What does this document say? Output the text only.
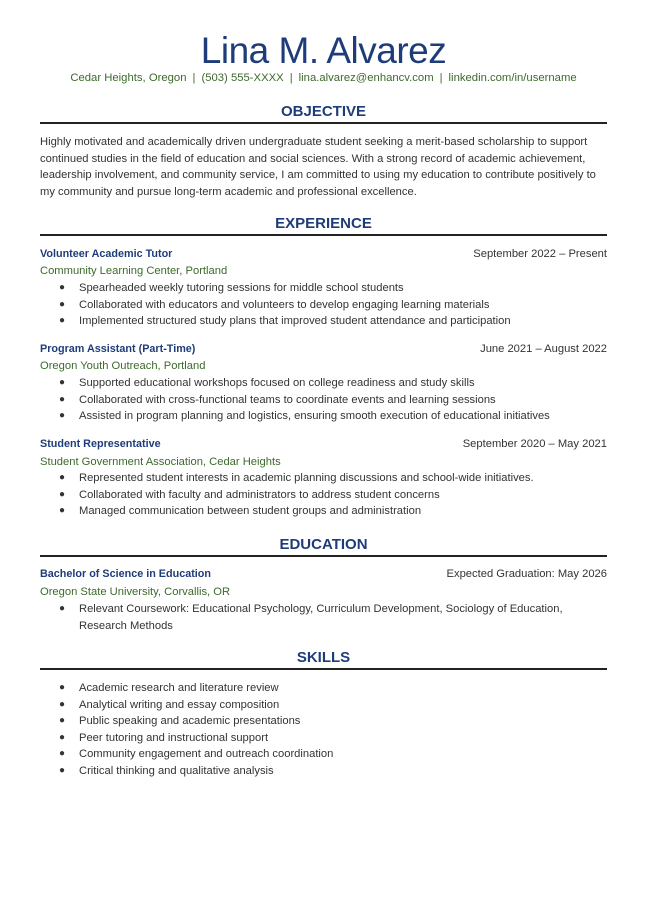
Lina M. Alvarez
Cedar Heights, Oregon | (503) 555-XXXX | lina.alvarez@enhancv.com | linkedin.com/in/username
OBJECTIVE

Highly motivated and academically driven undergraduate student seeking a merit-based scholarship to support continued studies in the field of education and social sciences. With a strong record of academic achievement, leadership involvement, and community service, I am committed to using my education to contribute positively to my community and pursue long-term academic and professional excellence.

EXPERIENCE
Volunteer Academic Tutor	September 2022 – Present
Community Learning Center, Portland
● Spearheaded weekly tutoring sessions for middle school students
● Collaborated with educators and volunteers to develop engaging learning materials
● Implemented structured study plans that improved student attendance and participation
Program Assistant (Part-Time)	June 2021 – August 2022
Oregon Youth Outreach, Portland
● Supported educational workshops focused on college readiness and study skills
● Collaborated with cross-functional teams to coordinate events and learning sessions
● Assisted in program planning and logistics, ensuring smooth execution of educational initiatives
Student Representative	September 2020 – May 2021
Student Government Association, Cedar Heights
● Represented student interests in academic planning discussions and school-wide initiatives.
● Collaborated with faculty and administrators to address student concerns
● Managed communication between student groups and administration
EDUCATION
Bachelor of Science in Education	Expected Graduation: May 2026
Oregon State University, Corvallis, OR
● Relevant Coursework: Educational Psychology, Curriculum Development, Sociology of Education, Research Methods
SKILLS
● Academic research and literature review
● Analytical writing and essay composition
● Public speaking and academic presentations
● Peer tutoring and instructional support
● Community engagement and outreach coordination
● Critical thinking and qualitative analysis
